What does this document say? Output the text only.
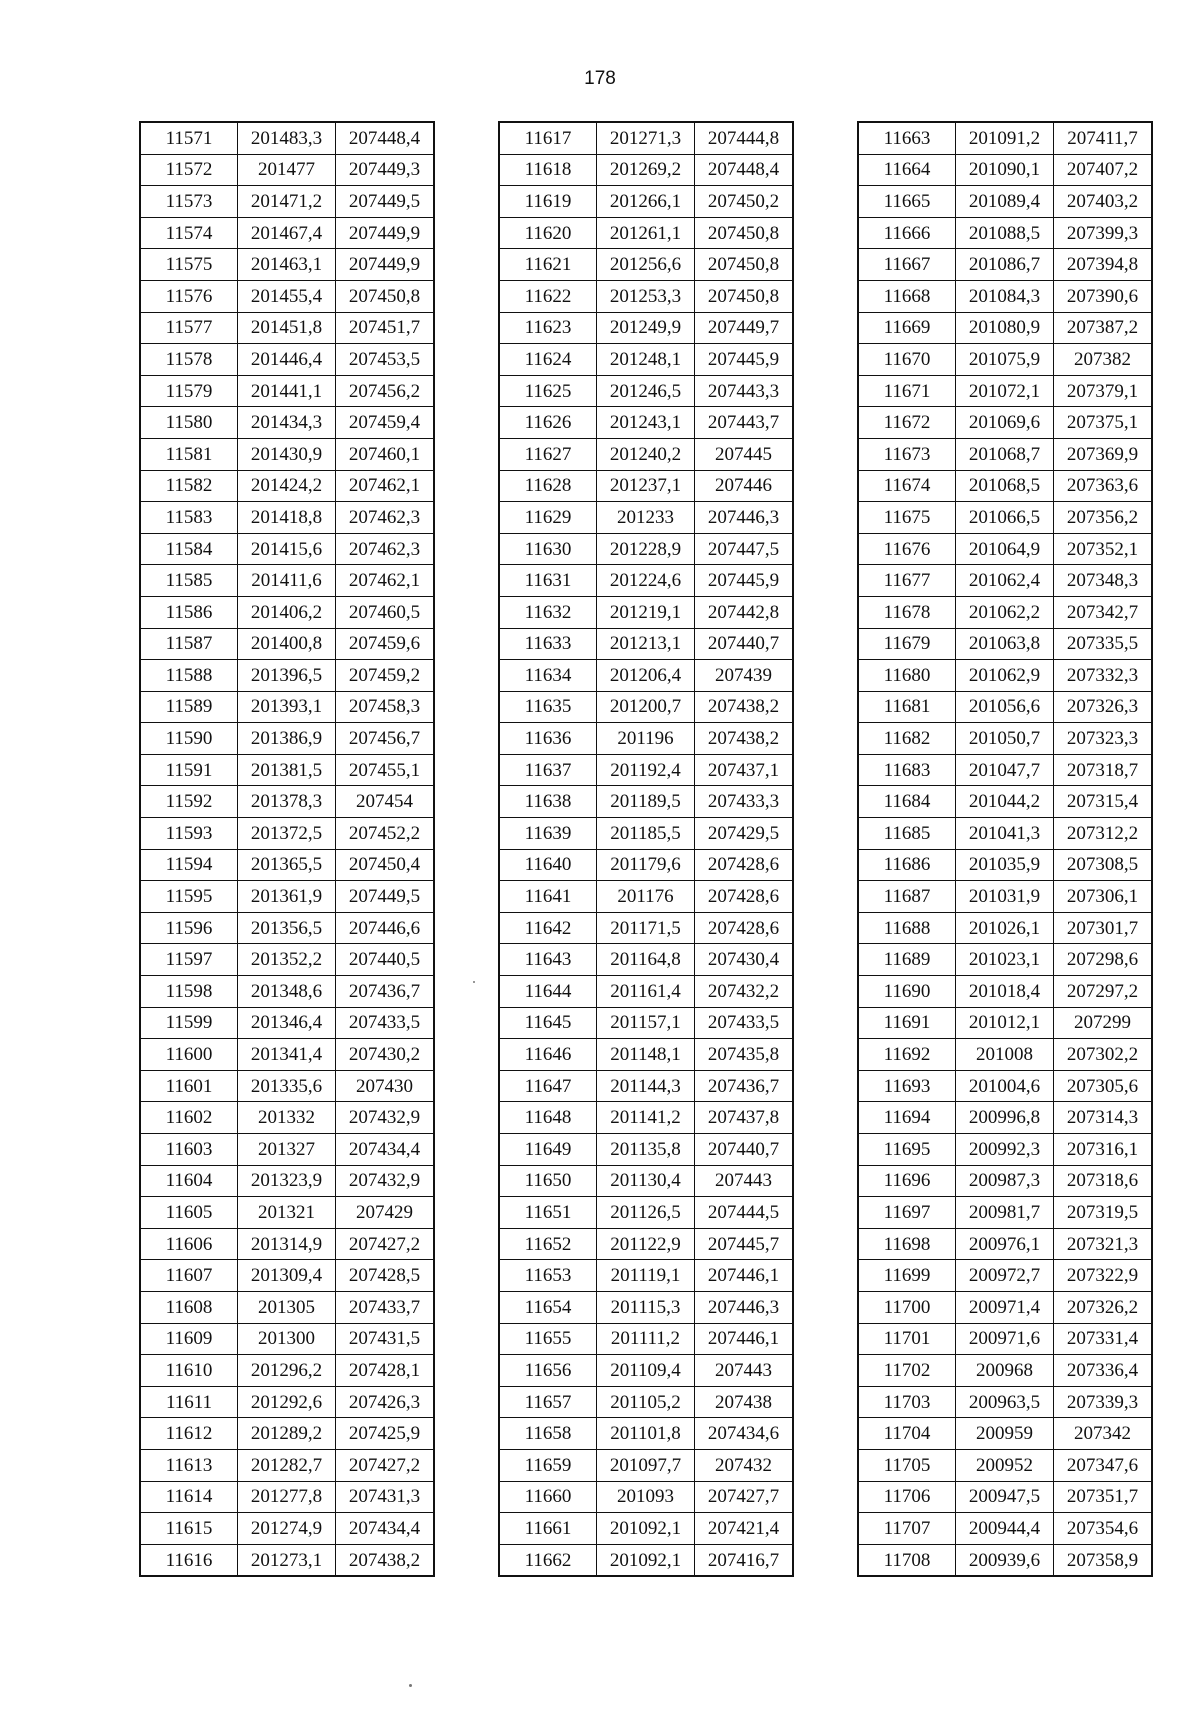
178
11571	201483,3	207448,4
11572	201477	207449,3
11573	201471,2	207449,5
11574	201467,4	207449,9
11575	201463,1	207449,9
11576	201455,4	207450,8
11577	201451,8	207451,7
11578	201446,4	207453,5
11579	201441,1	207456,2
11580	201434,3	207459,4
11581	201430,9	207460,1
11582	201424,2	207462,1
11583	201418,8	207462,3
11584	201415,6	207462,3
11585	201411,6	207462,1
11586	201406,2	207460,5
11587	201400,8	207459,6
11588	201396,5	207459,2
11589	201393,1	207458,3
11590	201386,9	207456,7
11591	201381,5	207455,1
11592	201378,3	207454
11593	201372,5	207452,2
11594	201365,5	207450,4
11595	201361,9	207449,5
11596	201356,5	207446,6
11597	201352,2	207440,5
11598	201348,6	207436,7
11599	201346,4	207433,5
11600	201341,4	207430,2
11601	201335,6	207430
11602	201332	207432,9
11603	201327	207434,4
11604	201323,9	207432,9
11605	201321	207429
11606	201314,9	207427,2
11607	201309,4	207428,5
11608	201305	207433,7
11609	201300	207431,5
11610	201296,2	207428,1
11611	201292,6	207426,3
11612	201289,2	207425,9
11613	201282,7	207427,2
11614	201277,8	207431,3
11615	201274,9	207434,4
11616	201273,1	207438,2
11617	201271,3	207444,8
11618	201269,2	207448,4
11619	201266,1	207450,2
11620	201261,1	207450,8
11621	201256,6	207450,8
11622	201253,3	207450,8
11623	201249,9	207449,7
11624	201248,1	207445,9
11625	201246,5	207443,3
11626	201243,1	207443,7
11627	201240,2	207445
11628	201237,1	207446
11629	201233	207446,3
11630	201228,9	207447,5
11631	201224,6	207445,9
11632	201219,1	207442,8
11633	201213,1	207440,7
11634	201206,4	207439
11635	201200,7	207438,2
11636	201196	207438,2
11637	201192,4	207437,1
11638	201189,5	207433,3
11639	201185,5	207429,5
11640	201179,6	207428,6
11641	201176	207428,6
11642	201171,5	207428,6
11643	201164,8	207430,4
11644	201161,4	207432,2
11645	201157,1	207433,5
11646	201148,1	207435,8
11647	201144,3	207436,7
11648	201141,2	207437,8
11649	201135,8	207440,7
11650	201130,4	207443
11651	201126,5	207444,5
11652	201122,9	207445,7
11653	201119,1	207446,1
11654	201115,3	207446,3
11655	201111,2	207446,1
11656	201109,4	207443
11657	201105,2	207438
11658	201101,8	207434,6
11659	201097,7	207432
11660	201093	207427,7
11661	201092,1	207421,4
11662	201092,1	207416,7
11663	201091,2	207411,7
11664	201090,1	207407,2
11665	201089,4	207403,2
11666	201088,5	207399,3
11667	201086,7	207394,8
11668	201084,3	207390,6
11669	201080,9	207387,2
11670	201075,9	207382
11671	201072,1	207379,1
11672	201069,6	207375,1
11673	201068,7	207369,9
11674	201068,5	207363,6
11675	201066,5	207356,2
11676	201064,9	207352,1
11677	201062,4	207348,3
11678	201062,2	207342,7
11679	201063,8	207335,5
11680	201062,9	207332,3
11681	201056,6	207326,3
11682	201050,7	207323,3
11683	201047,7	207318,7
11684	201044,2	207315,4
11685	201041,3	207312,2
11686	201035,9	207308,5
11687	201031,9	207306,1
11688	201026,1	207301,7
11689	201023,1	207298,6
11690	201018,4	207297,2
11691	201012,1	207299
11692	201008	207302,2
11693	201004,6	207305,6
11694	200996,8	207314,3
11695	200992,3	207316,1
11696	200987,3	207318,6
11697	200981,7	207319,5
11698	200976,1	207321,3
11699	200972,7	207322,9
11700	200971,4	207326,2
11701	200971,6	207331,4
11702	200968	207336,4
11703	200963,5	207339,3
11704	200959	207342
11705	200952	207347,6
11706	200947,5	207351,7
11707	200944,4	207354,6
11708	200939,6	207358,9
